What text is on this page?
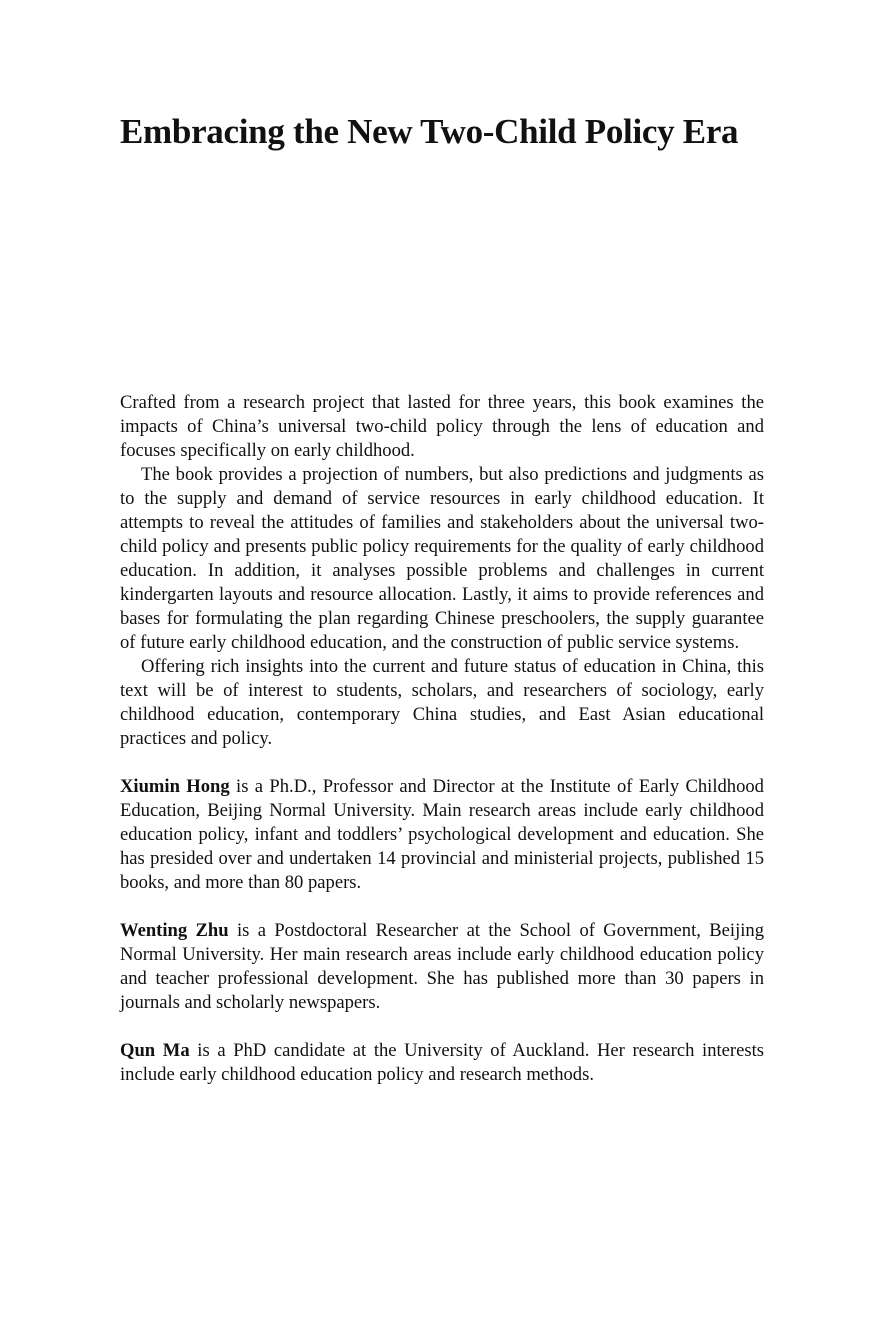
Embracing the New Two-Child Policy Era

Crafted from a research project that lasted for three years, this book examines the impacts of China’s universal two-child policy through the lens of education and focuses specifically on early childhood.

The book provides a projection of numbers, but also predictions and judgments as to the supply and demand of service resources in early childhood education. It attempts to reveal the attitudes of families and stakeholders about the universal two-child policy and presents public policy requirements for the quality of early childhood education. In addition, it analyses possible problems and challenges in current kindergarten layouts and resource allocation. Lastly, it aims to provide references and bases for formulating the plan regarding Chinese preschoolers, the supply guarantee of future early childhood education, and the construction of public service systems.

Offering rich insights into the current and future status of education in China, this text will be of interest to students, scholars, and researchers of sociology, early childhood education, contemporary China studies, and East Asian educational practices and policy.

Xiumin Hong is a Ph.D., Professor and Director at the Institute of Early Childhood Education, Beijing Normal University. Main research areas include early childhood education policy, infant and toddlers’ psychological development and education. She has presided over and undertaken 14 provincial and ministerial projects, published 15 books, and more than 80 papers.

Wenting Zhu is a Postdoctoral Researcher at the School of Government, Beijing Normal University. Her main research areas include early childhood education policy and teacher professional development. She has published more than 30 papers in journals and scholarly newspapers.

Qun Ma is a PhD candidate at the University of Auckland. Her research interests include early childhood education policy and research methods.
